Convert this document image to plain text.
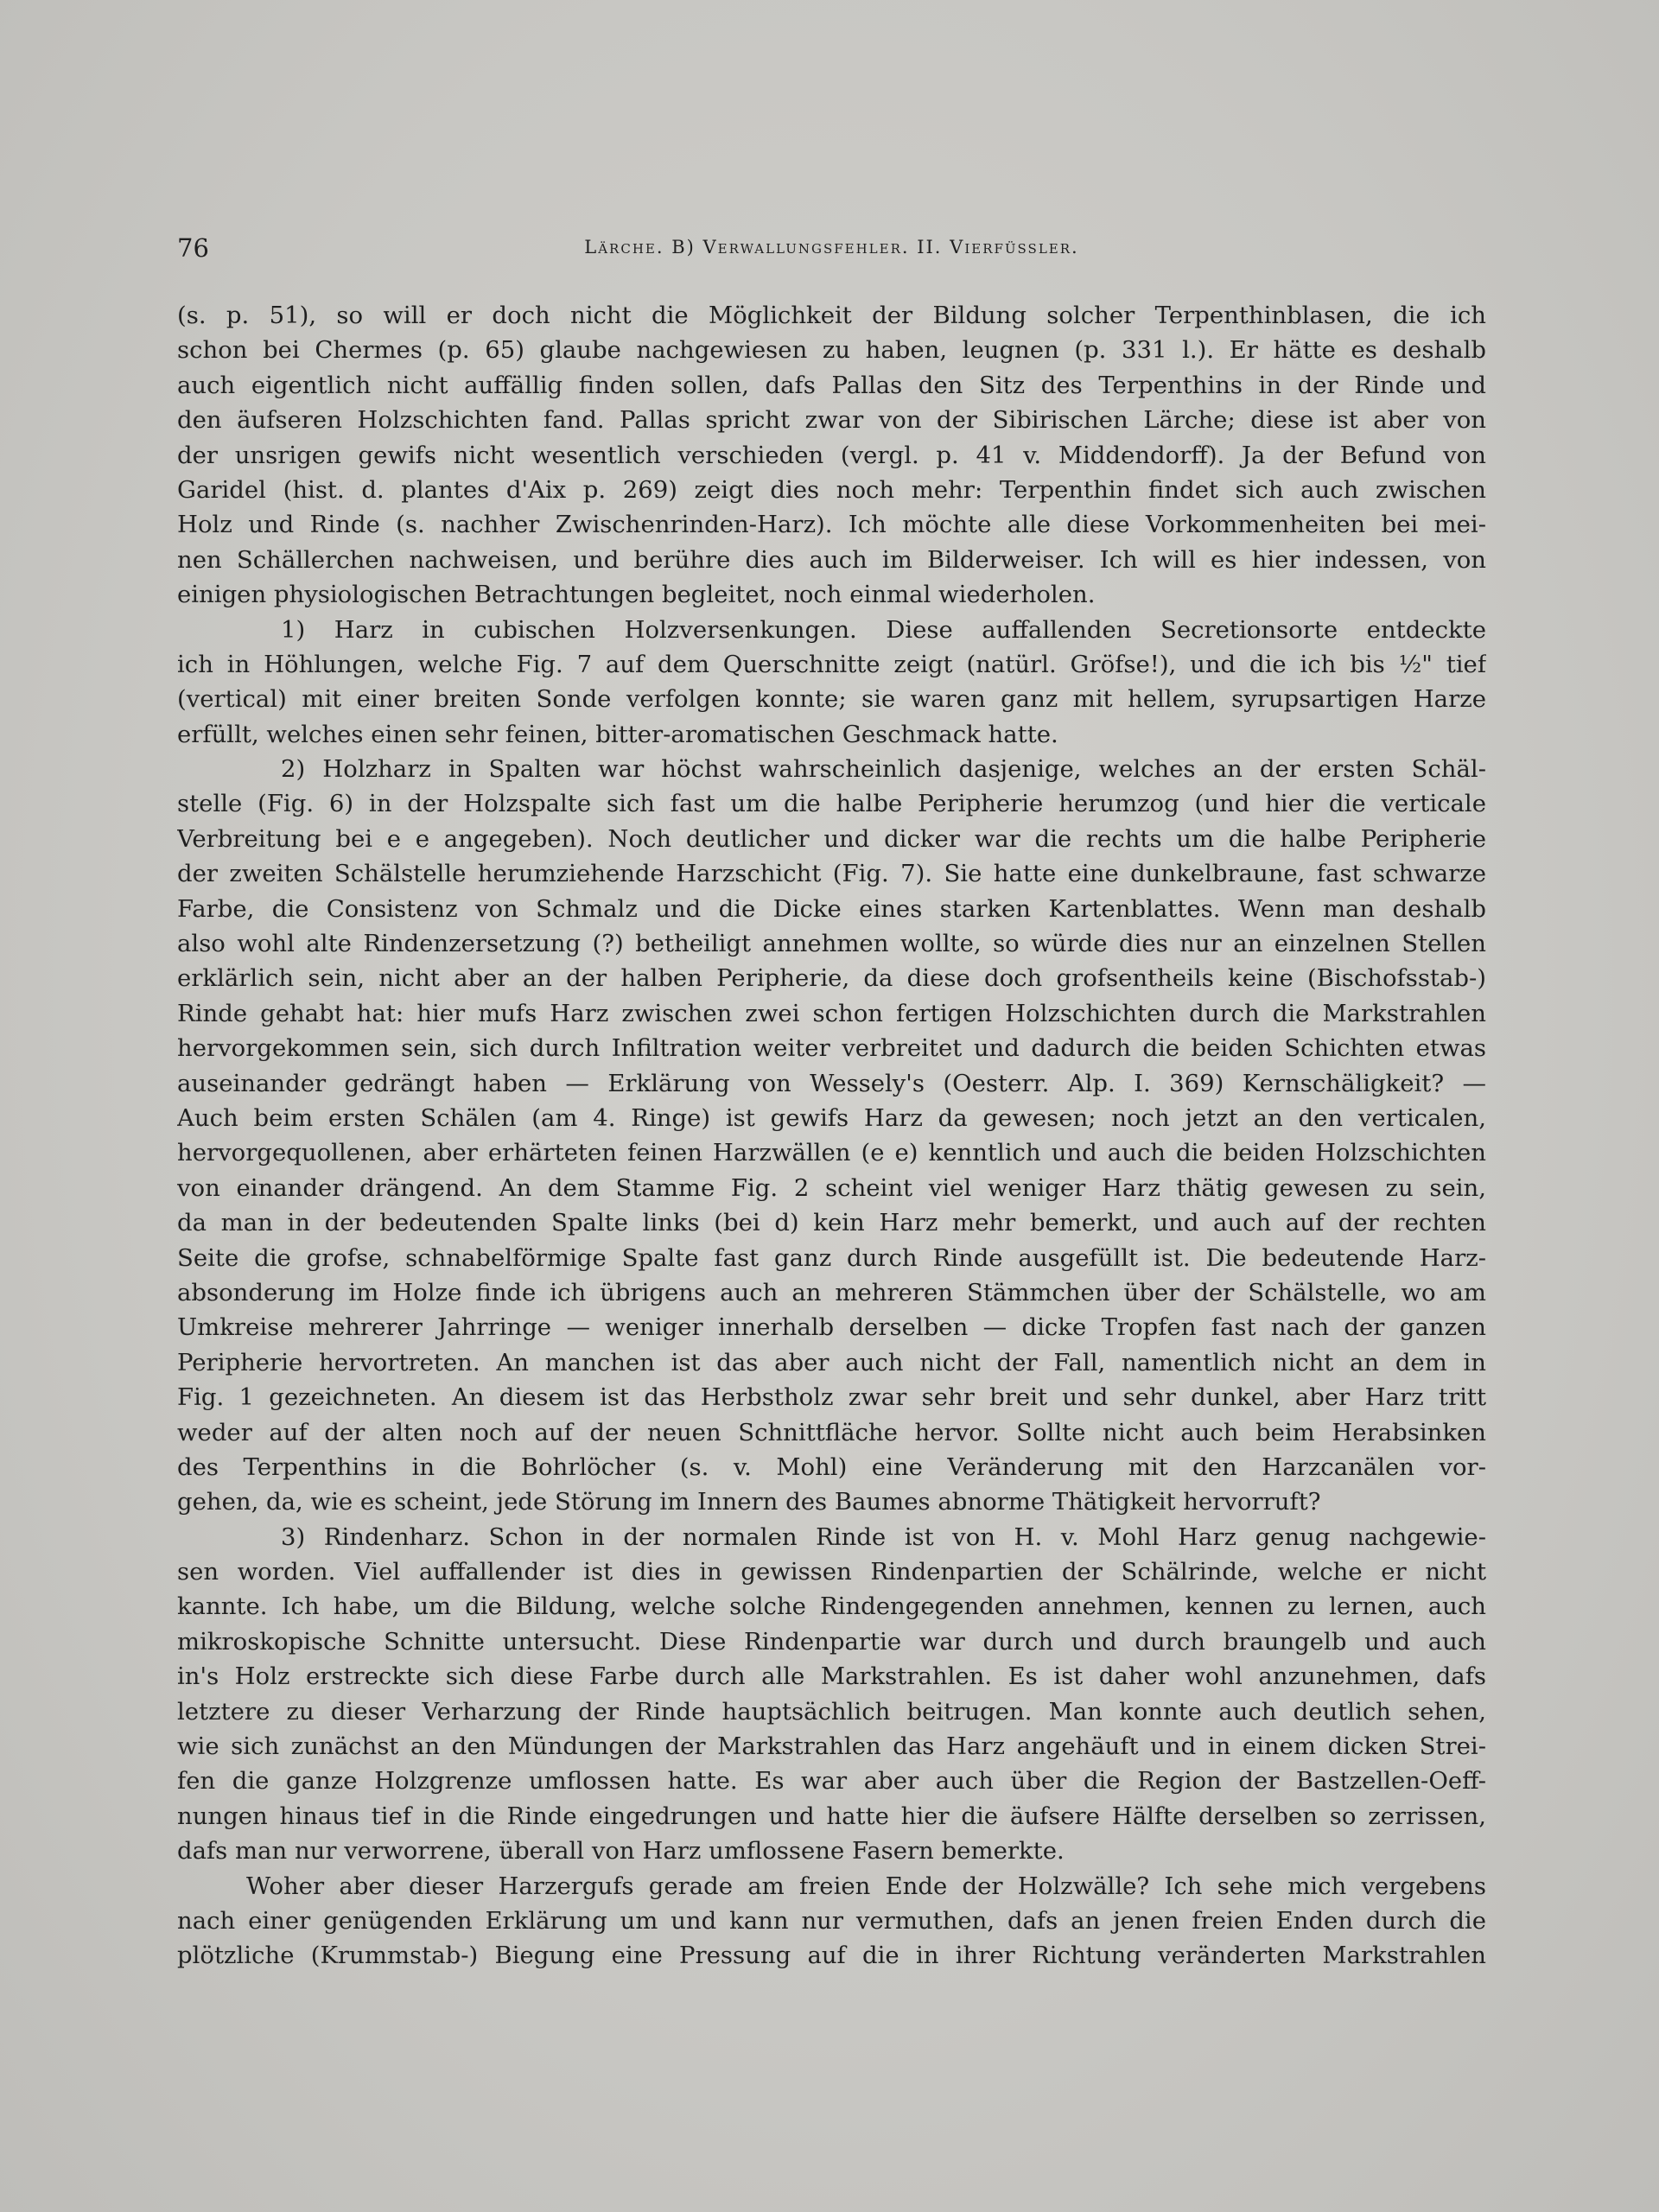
76	Lärche. B) Verwallungsfehler. II. Vierfüssler.
(s. p. 51), so will er doch nicht die Möglichkeit der Bildung solcher Terpenthinblasen, die ich
schon bei Chermes (p. 65) glaube nachgewiesen zu haben, leugnen (p. 331 l.). Er hätte es deshalb
auch eigentlich nicht auffällig finden sollen, dafs Pallas den Sitz des Terpenthins in der Rinde und
den äufseren Holzschichten fand. Pallas spricht zwar von der Sibirischen Lärche; diese ist aber von
der unsrigen gewifs nicht wesentlich verschieden (vergl. p. 41 v. Middendorff). Ja der Befund von
Garidel (hist. d. plantes d'Aix p. 269) zeigt dies noch mehr: Terpenthin findet sich auch zwischen
Holz und Rinde (s. nachher Zwischenrinden-Harz). Ich möchte alle diese Vorkommenheiten bei mei-
nen Schällerchen nachweisen, und berühre dies auch im Bilderweiser. Ich will es hier indessen, von
einigen physiologischen Betrachtungen begleitet, noch einmal wiederholen.
1) Harz in cubischen Holzversenkungen. Diese auffallenden Secretionsorte entdeckte
ich in Höhlungen, welche Fig. 7 auf dem Querschnitte zeigt (natürl. Gröfse!), und die ich bis ½" tief
(vertical) mit einer breiten Sonde verfolgen konnte; sie waren ganz mit hellem, syrupsartigen Harze
erfüllt, welches einen sehr feinen, bitter-aromatischen Geschmack hatte.
2) Holzharz in Spalten war höchst wahrscheinlich dasjenige, welches an der ersten Schäl-
stelle (Fig. 6) in der Holzspalte sich fast um die halbe Peripherie herumzog (und hier die verticale
Verbreitung bei e e angegeben). Noch deutlicher und dicker war die rechts um die halbe Peripherie
der zweiten Schälstelle herumziehende Harzschicht (Fig. 7). Sie hatte eine dunkelbraune, fast schwarze
Farbe, die Consistenz von Schmalz und die Dicke eines starken Kartenblattes. Wenn man deshalb
also wohl alte Rindenzersetzung (?) betheiligt annehmen wollte, so würde dies nur an einzelnen Stellen
erklärlich sein, nicht aber an der halben Peripherie, da diese doch grofsentheils keine (Bischofsstab-)
Rinde gehabt hat: hier mufs Harz zwischen zwei schon fertigen Holzschichten durch die Markstrahlen
hervorgekommen sein, sich durch Infiltration weiter verbreitet und dadurch die beiden Schichten etwas
auseinander gedrängt haben — Erklärung von Wessely's (Oesterr. Alp. I. 369) Kernschäligkeit? —
Auch beim ersten Schälen (am 4. Ringe) ist gewifs Harz da gewesen; noch jetzt an den verticalen,
hervorgequollenen, aber erhärteten feinen Harzwällen (e e) kenntlich und auch die beiden Holzschichten
von einander drängend. An dem Stamme Fig. 2 scheint viel weniger Harz thätig gewesen zu sein,
da man in der bedeutenden Spalte links (bei d) kein Harz mehr bemerkt, und auch auf der rechten
Seite die grofse, schnabelförmige Spalte fast ganz durch Rinde ausgefüllt ist. Die bedeutende Harz-
absonderung im Holze finde ich übrigens auch an mehreren Stämmchen über der Schälstelle, wo am
Umkreise mehrerer Jahrringe — weniger innerhalb derselben — dicke Tropfen fast nach der ganzen
Peripherie hervortreten. An manchen ist das aber auch nicht der Fall, namentlich nicht an dem in
Fig. 1 gezeichneten. An diesem ist das Herbstholz zwar sehr breit und sehr dunkel, aber Harz tritt
weder auf der alten noch auf der neuen Schnittfläche hervor. Sollte nicht auch beim Herabsinken
des Terpenthins in die Bohrlöcher (s. v. Mohl) eine Veränderung mit den Harzcanälen vor-
gehen, da, wie es scheint, jede Störung im Innern des Baumes abnorme Thätigkeit hervorruft?
3) Rindenharz. Schon in der normalen Rinde ist von H. v. Mohl Harz genug nachgewie-
sen worden. Viel auffallender ist dies in gewissen Rindenpartien der Schälrinde, welche er nicht
kannte. Ich habe, um die Bildung, welche solche Rindengegenden annehmen, kennen zu lernen, auch
mikroskopische Schnitte untersucht. Diese Rindenpartie war durch und durch braungelb und auch
in's Holz erstreckte sich diese Farbe durch alle Markstrahlen. Es ist daher wohl anzunehmen, dafs
letztere zu dieser Verharzung der Rinde hauptsächlich beitrugen. Man konnte auch deutlich sehen,
wie sich zunächst an den Mündungen der Markstrahlen das Harz angehäuft und in einem dicken Strei-
fen die ganze Holzgrenze umflossen hatte. Es war aber auch über die Region der Bastzellen-Oeff-
nungen hinaus tief in die Rinde eingedrungen und hatte hier die äufsere Hälfte derselben so zerrissen,
dafs man nur verworrene, überall von Harz umflossene Fasern bemerkte.
Woher aber dieser Harzergufs gerade am freien Ende der Holzwälle? Ich sehe mich vergebens
nach einer genügenden Erklärung um und kann nur vermuthen, dafs an jenen freien Enden durch die
plötzliche (Krummstab-) Biegung eine Pressung auf die in ihrer Richtung veränderten Markstrahlen
